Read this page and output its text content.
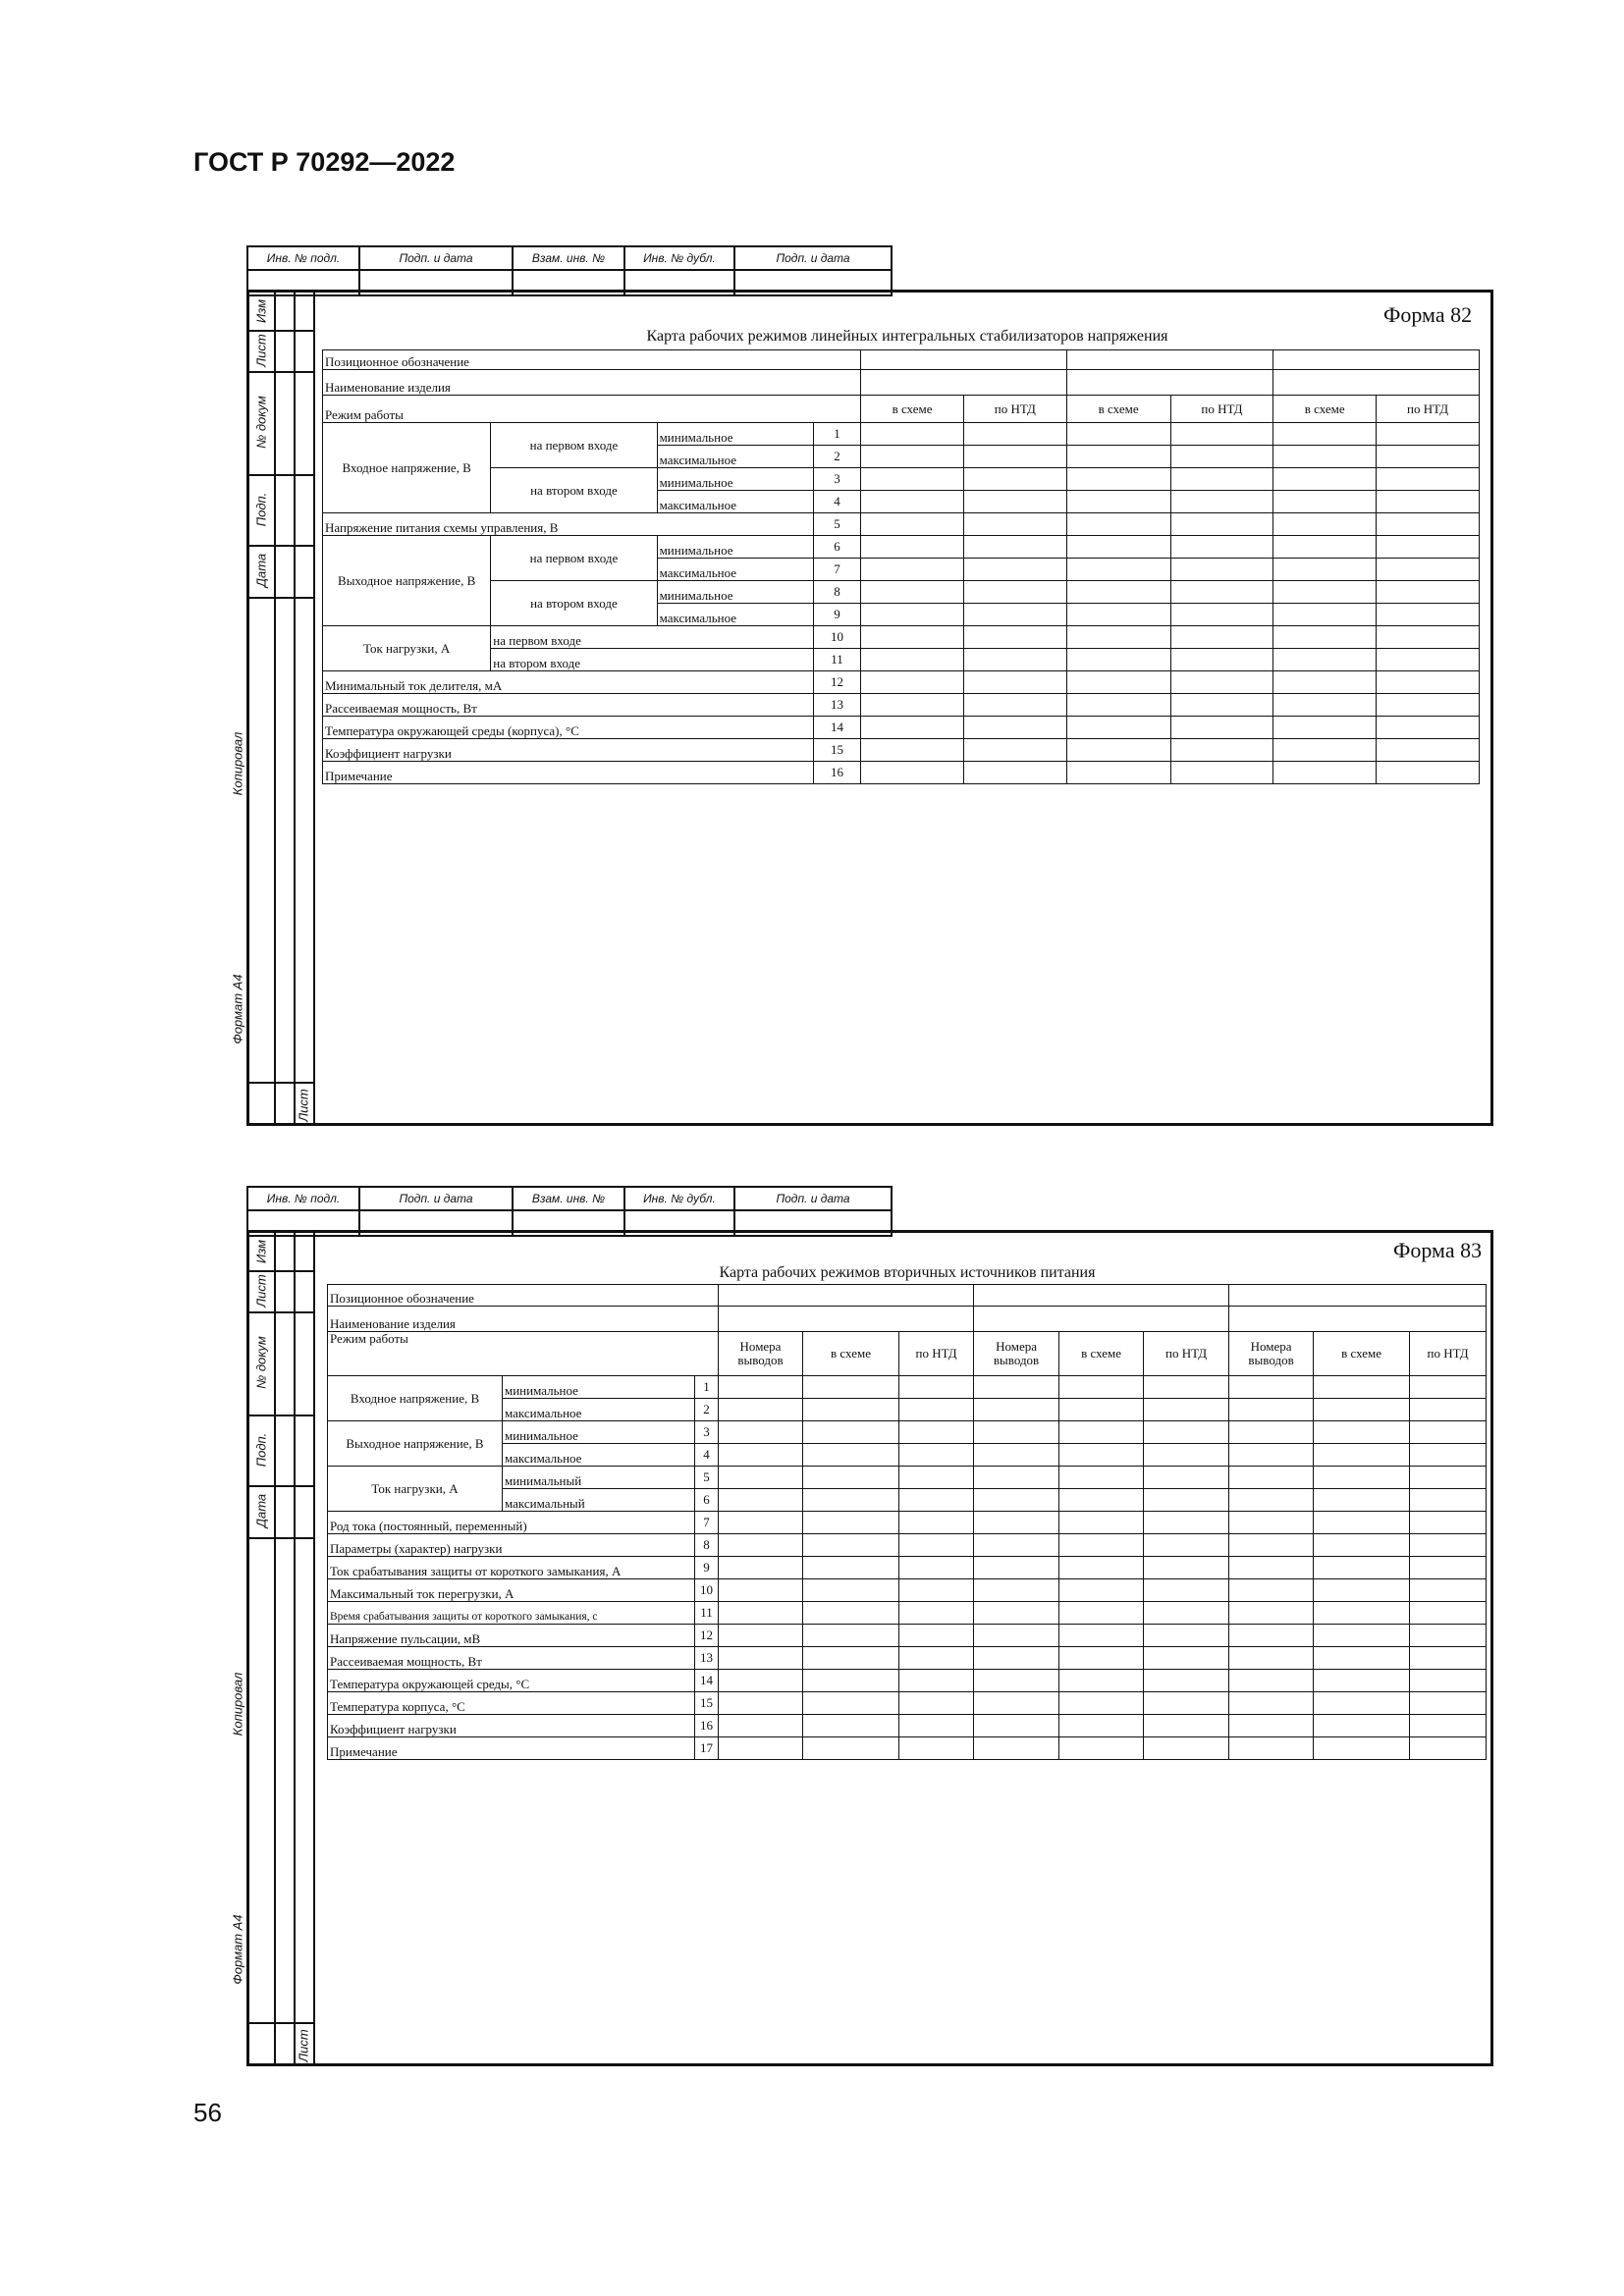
ГОСТ Р 70292—2022
Инв. № подл.	Подп. и дата	Взам. инв. №	Инв. № дубл.	Подп. и дата

Изм
Лист
№ докум
Подп.
Дата
Копировал
Формат А4
Лист
Форма 82
Карта рабочих режимов линейных интегральных стабилизаторов напряжения
Позиционное обозначение									
Наименование изделия									
Режим работы				в схеме	по НТД	в схеме	по НТД	в схеме	по НТД
Входное напряжение, В	на первом входе	минимальное	1						
		максимальное	2						
	на втором входе	минимальное	3						
		максимальное	4						
Напряжение питания схемы управления, В			5						
Выходное напряжение, В	на первом входе	минимальное	6						
		максимальное	7						
	на втором входе	минимальное	8						
		максимальное	9						
Ток нагрузки, А	на первом входе		10						
	на втором входе		11						
Минимальный ток делителя, мА			12						
Рассеиваемая мощность, Вт			13						
Температура окружающей среды (корпуса), °С			14						
Коэффициент нагрузки			15						
Примечание			16						
Инв. № подл.	Подп. и дата	Взам. инв. №	Инв. № дубл.	Подп. и дата

Изм
Лист
№ докум
Подп.
Дата
Копировал
Формат А4
Лист
Форма 83
Карта рабочих режимов вторичных источников питания
Позиционное обозначение											
Наименование изделия											
Режим работы			Номера выводов	в схеме	по НТД	Номера выводов	в схеме	по НТД	Номера выводов	в схеме	по НТД
Входное напряжение, В	минимальное	1									
	максимальное	2									
Выходное напряжение, В	минимальное	3									
	максимальное	4									
Ток нагрузки, А	минимальный	5									
	максимальный	6									
Род тока (постоянный, переменный)		7									
Параметры (характер) нагрузки		8									
Ток срабатывания защиты от короткого замыкания, А		9									
Максимальный ток перегрузки, А		10									
Время срабатывания защиты от короткого замыкания, с		11									
Напряжение пульсации, мВ		12									
Рассеиваемая мощность, Вт		13									
Температура окружающей среды, °С		14									
Температура корпуса, °С		15									
Коэффициент нагрузки		16									
Примечание		17									
56
